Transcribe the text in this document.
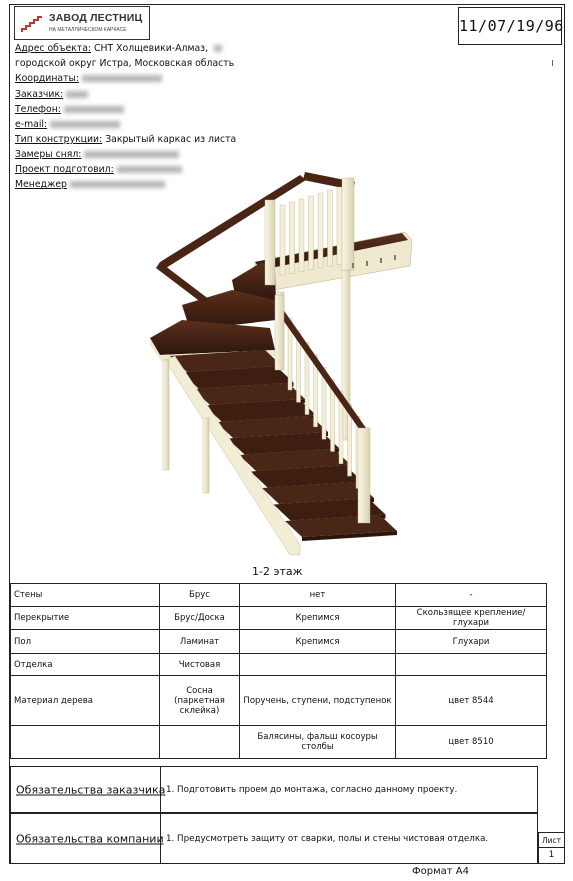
ЗАВОД ЛЕСТНИЦ
НА МЕТАЛЛИЧЕСКОМ КАРКАСЕ	11/07/19/96
Адрес объекта: СНТ Холщевики-Алмаз,
городской округ Истра, Московская область
Координаты:
Заказчик:
Телефон:
e-mail:
Тип конструкции: Закрытый каркас из листа
Замеры снял:
Проект подготовил:
Менеджер
1-2 этаж
Стены	Брус	нет	-
Перекрытие	Брус/Доска	Крепимся	Скользящее крепление/глухари
Пол	Ламинат	Крепимся	Глухари
Отделка	Чистовая		
Материал дерева	Сосна (паркетная склейка)	Поручень, ступени, подступенок	цвет 8544
		Балясины, фальш косоуры столбы	цвет 8510
Обязательства заказчика 1. Подготовить проем до монтажа, согласно данному проекту.
Обязательства компании 1. Предусмотреть защиту от сварки, полы и стены чистовая отделка.	Лист
1
Формат А4
